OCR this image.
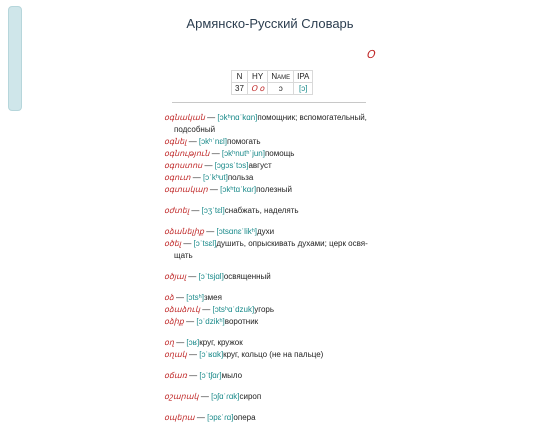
Армянско-Русский Словарь
Օ
N	HY	Name	IPA
37	Օ օ	ɔ	[ɔ]

օգնական — [ɔkʰnɑˈkɑn]помощник; вспомогательный, подсобный

օգնել — [ɔkʰˈnɛl]помогать

օգնություն — [ɔkʰnutʰˈjun]помощь

օգոստոս — [ɔgɔsˈtɔs]август

օգուտ — [ɔˈkʰut]польза

օգտակար — [ɔkʰtɑˈkɑɾ]полезный

օժտել — [ɔʒˈtɛl]снабжать, наделять

օձանելիք — [ɔtsɑnɛˈlikʰ]духи

օծել — [ɔˈtsɛl]душить, опрыскивать духами; церк освя-щать

օծյալ — [ɔˈtsjɑl]освященный

օձ — [ɔtsʰ]змея

օձաձուկ — [ɔtsʰɑˈdzuk]угорь

օձիք — [ɔˈdzikʰ]воротник

օղ — [ɔʁ]круг, кружок

օղակ — [ɔˈʁɑk]круг, кольцо (не на пальце)

օճառ — [ɔˈtʃɑɾ]мыло

օշարակ — [ɔʃɑˈɾɑk]сироп

օպերա — [ɔpɛˈɾɑ]опера
